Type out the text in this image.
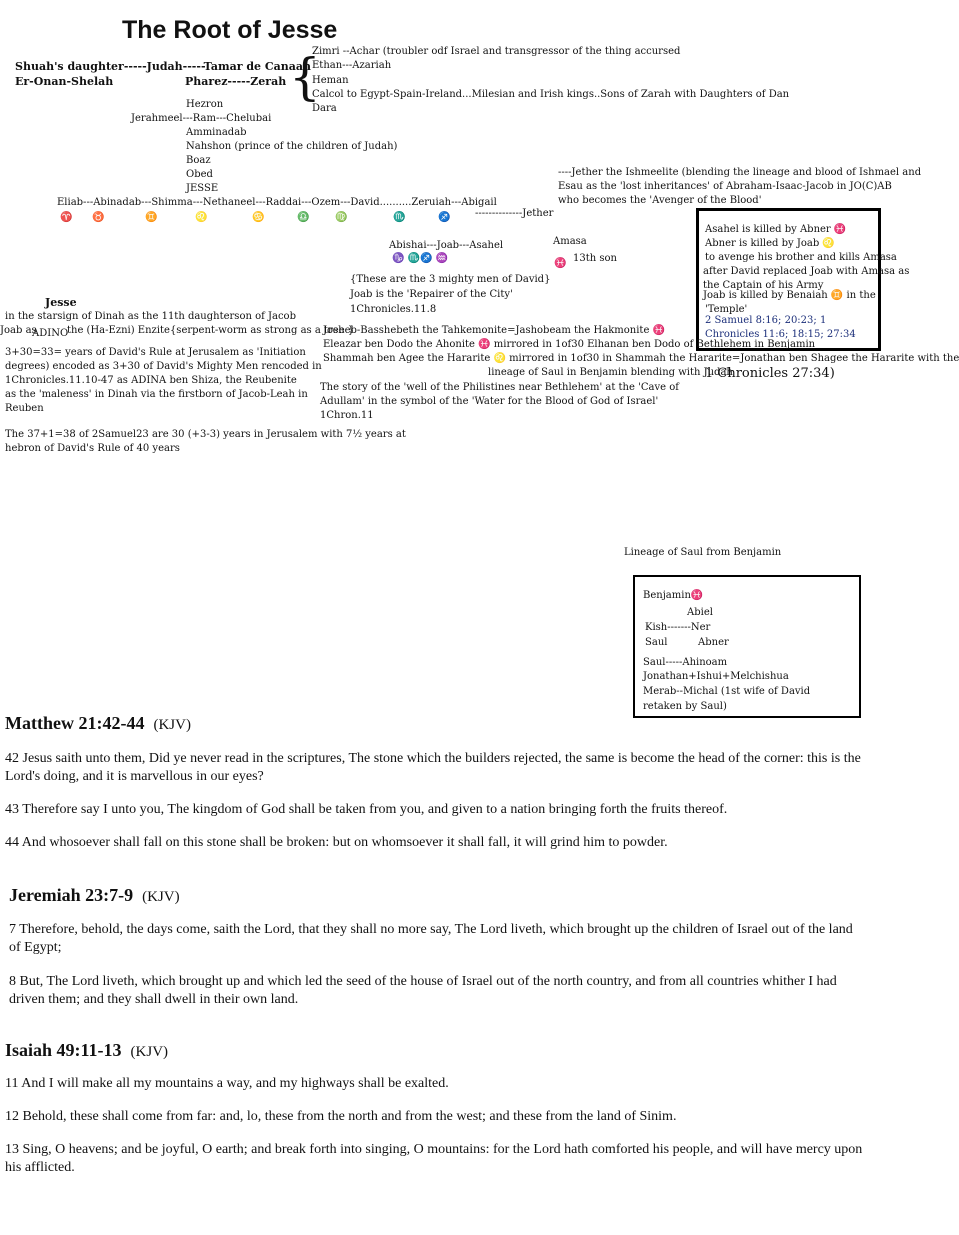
The Root of Jesse
Shuah's daughter-----Judah-----Tamar de Canaan
Er-Onan-Shelah	Pharez-----Zerah {
Zimri --Achar (troubler odf Israel and transgressor of the thing accursed
Ethan---Azariah
Heman
Calcol to Egypt-Spain-Ireland...Milesian and Irish kings..Sons of Zarah with Daughters of Dan
Dara
Hezron
Jerahmeel---Ram---Chelubai
Amminadab
Nahshon (prince of the children of Judah)
Boaz
Obed
JESSE
----Jether the Ishmeelite (blending the lineage and blood of Ishmael and
Esau as the 'lost inheritances' of Abraham-Isaac-Jacob in JO(C)AB
who becomes the 'Avenger of the Blood'
Eliab---Abinadab---Shimma---Nethaneel---Raddai---Ozem---David..........Zeruiah---Abigail
--------------Jether
♈ ♉	♊	♌	♋	♎	♍	♏	♐
Abishai---Joab---Asahel
♑ ♏♐ ♒
Amasa
♓ 13th son
{These are the 3 mighty men of David}
Joab is the 'Repairer of the City'
1Chronicles.11.8
Asahel is killed by Abner ♓
Abner is killed by Joab ♌
to avenge his brother and kills Amasa
after David replaced Joab with Amasa as
the Captain of his Army
Joab is killed by Benaiah ♊ in the
'Temple'
2 Samuel 8:16; 20:23; 1
Chronicles 11:6; 18:15; 27:34
Jesse
in the starsign of Dinah as the 11th daughterson of Jacob
Joab as
ADINO
the (Ha-Ezni) Enzite{serpent-worm as strong as a tree }
3+30=33= years of David's Rule at Jerusalem as 'Initiation
degrees) encoded as 3+30 of David's Mighty Men rencoded in
1Chronicles.11.10-47 as ADINA ben Shiza, the Reubenite
as the 'maleness' in Dinah via the firstborn of Jacob-Leah in
Reuben
The 37+1=38 of 2Samuel23 are 30 (+3-3) years in Jerusalem with 7½ years at
hebron of David's Rule of 40 years
Josheb-Basshebeth the Tahkemonite=Jashobeam the Hakmonite ♓
Eleazar ben Dodo the Ahonite ♓ mirrored in 1of30 Elhanan ben Dodo of Bethlehem in Benjamin
Shammah ben Agee the Hararite ♌ mirrored in 1of30 in Shammah the Hararite=Jonathan ben Shagee the Hararite with the
lineage of Saul in Benjamin blending with Judah
1 Chronicles 27:34)
The story of the 'well of the Philistines near Bethlehem' at the 'Cave of
Adullam' in the symbol of the 'Water for the Blood of God of Israel'
1Chron.11
Lineage of Saul from Benjamin
Benjamin♓
Abiel
Kish-------Ner
Saul	Abner
Saul-----Ahinoam
Jonathan+Ishui+Melchishua
Merab--Michal (1st wife of David
retaken by Saul)
Matthew 21:42-44 (KJV)
42 Jesus saith unto them, Did ye never read in the scriptures, The stone which the builders rejected, the same is become the head of the corner: this is the Lord's doing, and it is marvellous in our eyes?
43 Therefore say I unto you, The kingdom of God shall be taken from you, and given to a nation bringing forth the fruits thereof.
44 And whosoever shall fall on this stone shall be broken: but on whomsoever it shall fall, it will grind him to powder.
Jeremiah 23:7-9 (KJV)
7 Therefore, behold, the days come, saith the Lord, that they shall no more say, The Lord liveth, which brought up the children of Israel out of the land of Egypt;
8 But, The Lord liveth, which brought up and which led the seed of the house of Israel out of the north country, and from all countries whither I had driven them; and they shall dwell in their own land.
Isaiah 49:11-13 (KJV)
11 And I will make all my mountains a way, and my highways shall be exalted.
12 Behold, these shall come from far: and, lo, these from the north and from the west; and these from the land of Sinim.
13 Sing, O heavens; and be joyful, O earth; and break forth into singing, O mountains: for the Lord hath comforted his people, and will have mercy upon his afflicted.
